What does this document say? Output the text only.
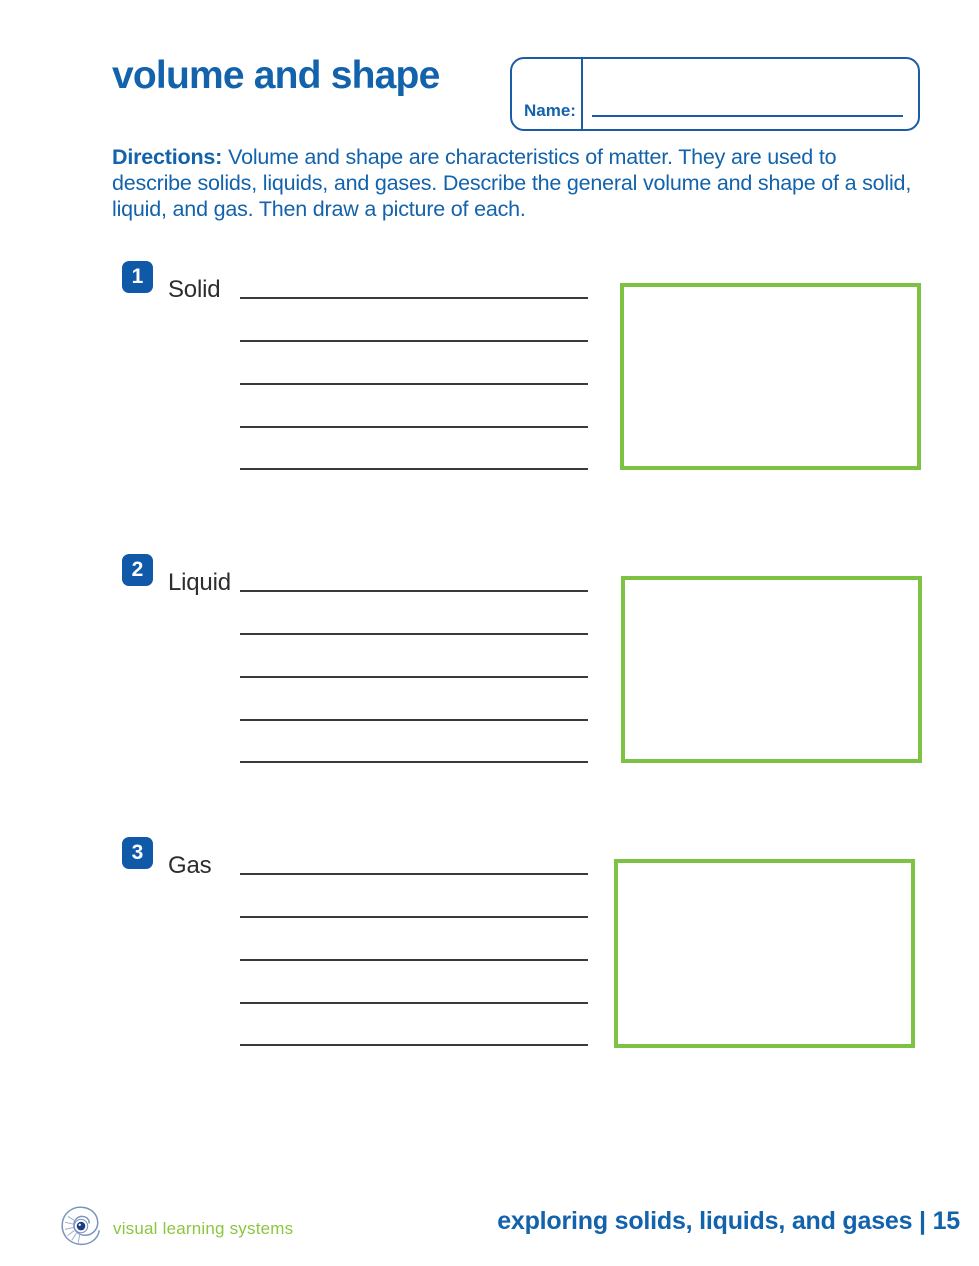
volume and shape
Name:

Directions: Volume and shape are characteristics of matter. They are used to describe solids, liquids, and gases. Describe the general volume and shape of a solid, liquid, and gas. Then draw a picture of each.

1	Solid
2	Liquid
3	Gas
visual learning systems	exploring solids, liquids, and gases | 15
